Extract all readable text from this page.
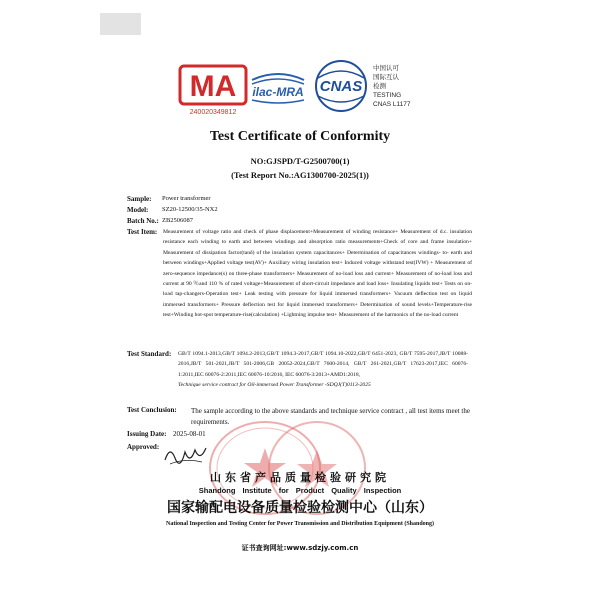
MA
240020349812
ilac-MRA CNAS
中国认可
国际互认
检测
TESTING
CNAS L1177
Test Certificate of Conformity
NO:GJSPD/T-G2500700(1)
(Test Report No.:AG1300700-2025(1))
Sample: Power transformer
Model: SZ20-12500/35-NX2
Batch No.: ZB2506087
Test Item: Measurement of voltage ratio and check of phase displacement+Measurement of winding resistance+ Measurement of d.c. insulation resistance each winding to earth and between windings and absorption ratio measurements+Check of core and frame insulation+ Measurement of dissipation factor(tanδ) of the insulation system capacitances+ Determination of capacitances windings- to- earth and between windings+Applied voltage test(AV)+ Auxiliary wiring insulation test+ Induced voltage withstand test(IVW) + Measurement of zero-sequence impedance(s) on three-phase transformers+ Measurement of no-load loss and current+ Measurement of no-load loss and current at 90 ％and 110 % of rated voltage+Measurement of short-circuit impedance and load loss+ Insulating liquids test+ Tests on on-load tap-changers-Operation test+ Leak testing with pressure for liquid immersed transformers+ Vacuum deflection test on liquid immersed transformers+ Pressure deflection test for liquid immersed transformers+ Determination of sound levels+Temperature-rise test+Winding hot-spot temperature-rise(calculation) +Lightning impulse test+ Measurement of the harmonics of the no-load current
Test Standard: GB/T 1094.1-2013,GB/T 1094.2-2013,GB/T 1094.3-2017,GB/T 1094.10-2022,GB/T 6451-2023, GB/T 7595-2017,JB/T 10088-2016,JB/T 501-2021,JB/T 501-2006,GB 20052-2024,GB/T 7600-2014, GB/T 261-2021,GB/T 17623-2017,IEC 60076-1:2011,IEC 60076-2:2011,IEC 60076-10:2016, IEC 60076-3:2013+AMD1:2018,
Technique service contract for Oil-immersed Power Transformer -SDQJ(T)0113-2025
Test Conclusion: The sample according to the above standards and technique service contract , all test items meet the requirements.
Issuing Date: 2025-08-01
Approved:
山东省产品质量检验研究院
Shandong Institute for Product Quality Inspection
国家输配电设备质量检验检测中心（山东）
National Inspection and Testing Center for Power Transmission and Distribution Equipment (Shandong)
证书查询网址:www.sdzjy.com.cn
